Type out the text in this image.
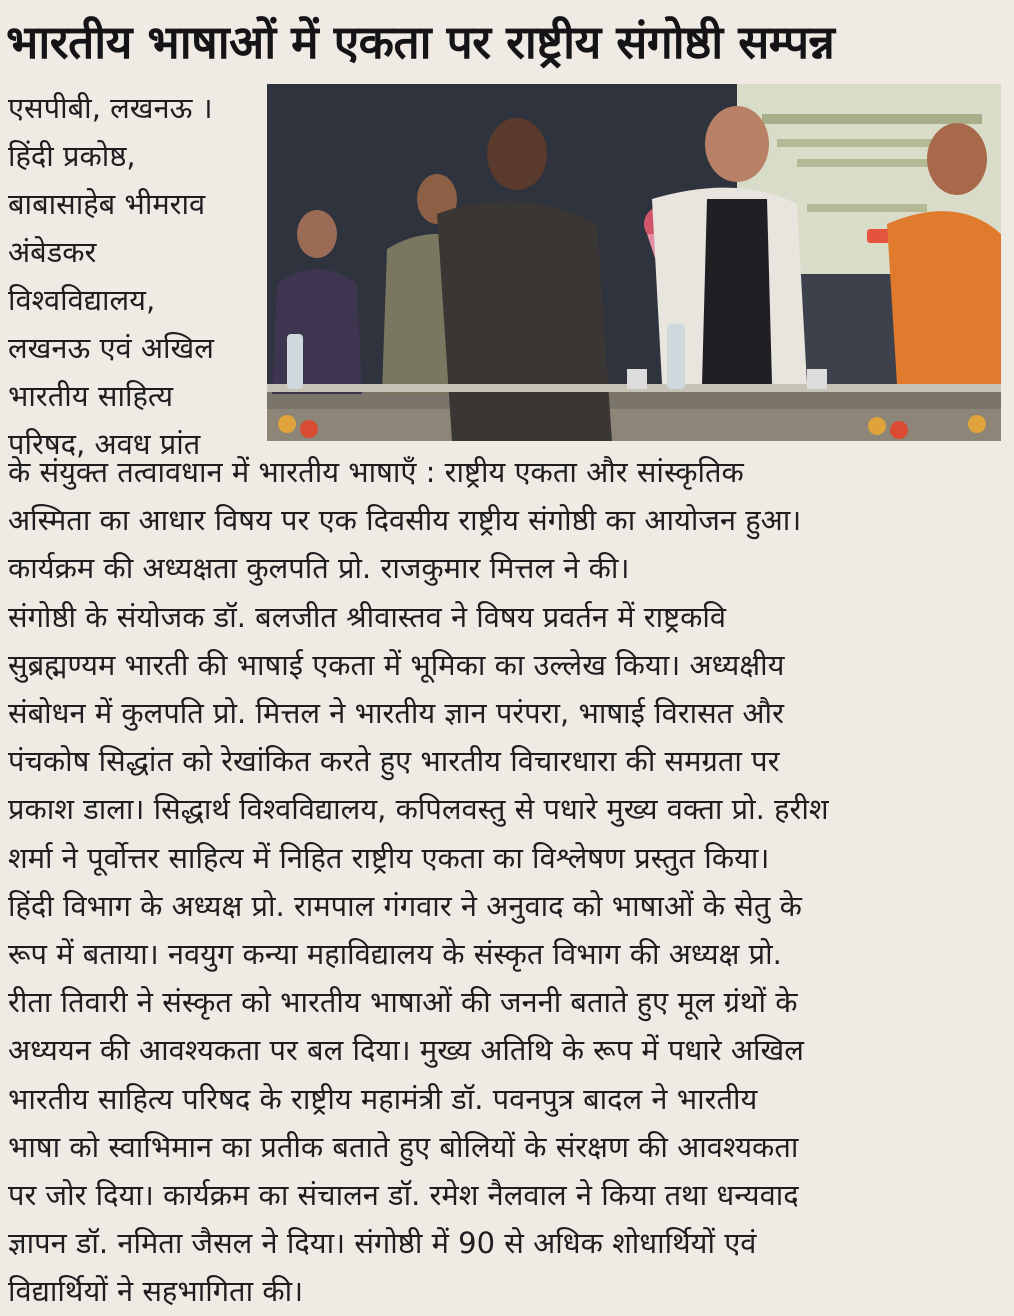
भारतीय भाषाओं में एकता पर राष्ट्रीय संगोष्ठी सम्पन्न
एसपीबी, लखनऊ ।
हिंदी प्रकोष्ठ,
बाबासाहेब भीमराव
अंबेडकर
विश्वविद्यालय,
लखनऊ एवं अखिल
भारतीय साहित्य
परिषद, अवध प्रांत
के संयुक्त तत्वावधान में भारतीय भाषाएँ : राष्ट्रीय एकता और सांस्कृतिक
अस्मिता का आधार विषय पर एक दिवसीय राष्ट्रीय संगोष्ठी का आयोजन हुआ।
कार्यक्रम की अध्यक्षता कुलपति प्रो. राजकुमार मित्तल ने की।
संगोष्ठी के संयोजक डॉ. बलजीत श्रीवास्तव ने विषय प्रवर्तन में राष्ट्रकवि
सुब्रह्मण्यम भारती की भाषाई एकता में भूमिका का उल्लेख किया। अध्यक्षीय
संबोधन में कुलपति प्रो. मित्तल ने भारतीय ज्ञान परंपरा, भाषाई विरासत और
पंचकोष सिद्धांत को रेखांकित करते हुए भारतीय विचारधारा की समग्रता पर
प्रकाश डाला। सिद्धार्थ विश्वविद्यालय, कपिलवस्तु से पधारे मुख्य वक्ता प्रो. हरीश
शर्मा ने पूर्वोत्तर साहित्य में निहित राष्ट्रीय एकता का विश्लेषण प्रस्तुत किया।
हिंदी विभाग के अध्यक्ष प्रो. रामपाल गंगवार ने अनुवाद को भाषाओं के सेतु के
रूप में बताया। नवयुग कन्या महाविद्यालय के संस्कृत विभाग की अध्यक्ष प्रो.
रीता तिवारी ने संस्कृत को भारतीय भाषाओं की जननी बताते हुए मूल ग्रंथों के
अध्ययन की आवश्यकता पर बल दिया। मुख्य अतिथि के रूप में पधारे अखिल
भारतीय साहित्य परिषद के राष्ट्रीय महामंत्री डॉ. पवनपुत्र बादल ने भारतीय
भाषा को स्वाभिमान का प्रतीक बताते हुए बोलियों के संरक्षण की आवश्यकता
पर जोर दिया। कार्यक्रम का संचालन डॉ. रमेश नैलवाल ने किया तथा धन्यवाद
ज्ञापन डॉ. नमिता जैसल ने दिया। संगोष्ठी में 90 से अधिक शोधार्थियों एवं
विद्यार्थियों ने सहभागिता की।
